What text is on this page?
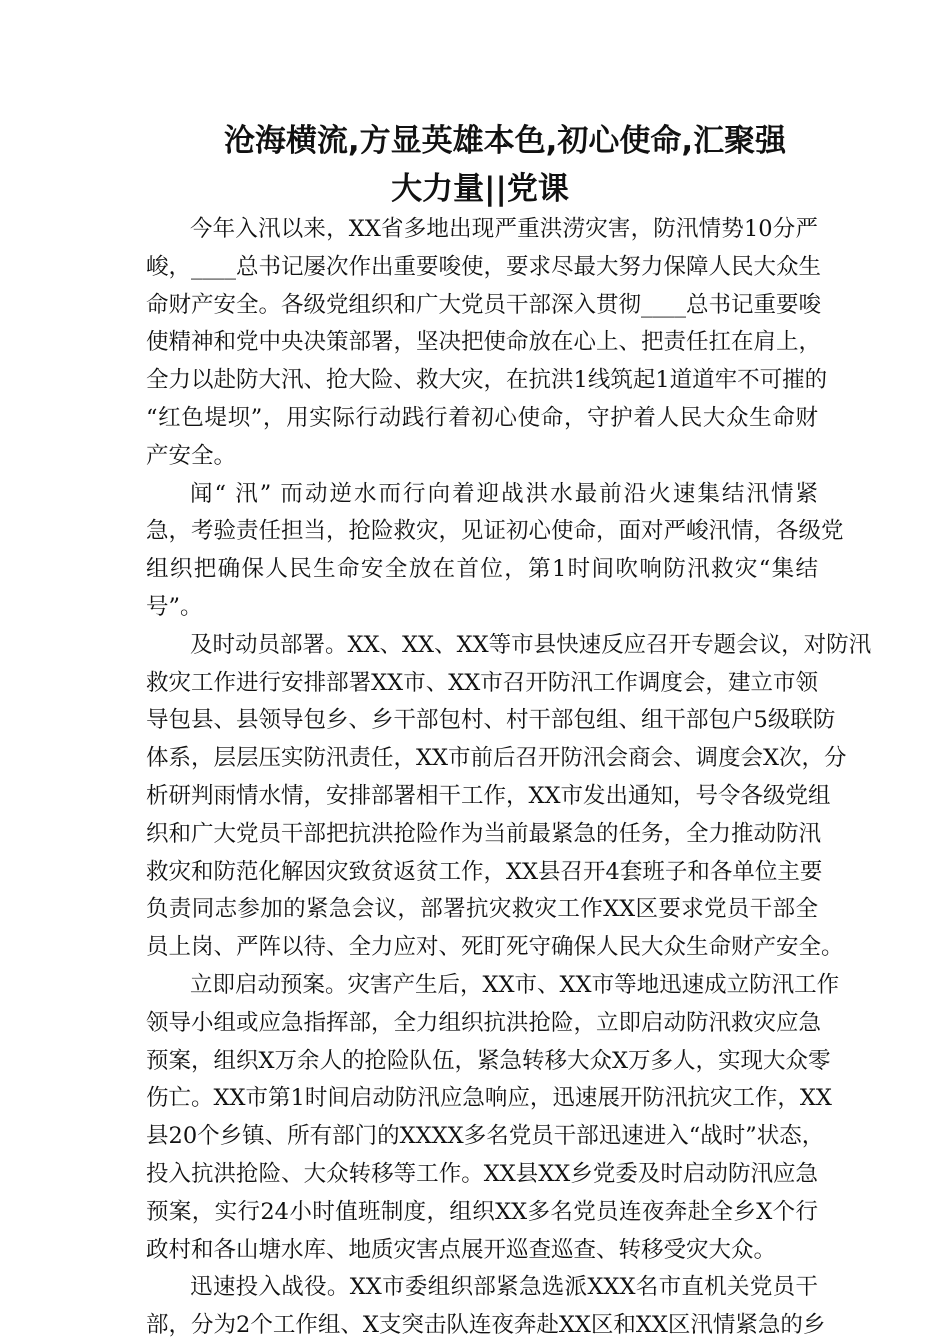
沧海横流,方显英雄本色,初心使命,汇聚强
大力量||党课
今年入汛以来，XX省多地出现严重洪涝灾害，防汛情势10分严
峻，____总书记屡次作出重要唆使，要求尽最大努力保障人民大众生
命财产安全。各级党组织和广大党员干部深入贯彻____总书记重要唆
使精神和党中央决策部署，坚决把使命放在心上、把责任扛在肩上，
全力以赴防大汛、抢大险、救大灾，在抗洪1线筑起1道道牢不可摧的
“红色堤坝”，用实际行动践行着初心使命，守护着人民大众生命财
产安全。
闻“ 汛” 而动逆水而行向着迎战洪水最前沿火速集结汛情紧
急，考验责任担当，抢险救灾，见证初心使命，面对严峻汛情，各级党
组织把确保人民生命安全放在首位，第1时间吹响防汛救灾“集结
号”。
及时动员部署。XX、XX、XX等市县快速反应召开专题会议，对防汛
救灾工作进行安排部署XX市、XX市召开防汛工作调度会，建立市领
导包县、县领导包乡、乡干部包村、村干部包组、组干部包户5级联防
体系，层层压实防汛责任，XX市前后召开防汛会商会、调度会X次，分
析研判雨情水情，安排部署相干工作，XX市发出通知，号令各级党组
织和广大党员干部把抗洪抢险作为当前最紧急的任务，全力推动防汛
救灾和防范化解因灾致贫返贫工作，XX县召开4套班子和各单位主要
负责同志参加的紧急会议，部署抗灾救灾工作XX区要求党员干部全
员上岗、严阵以待、全力应对、死盯死守确保人民大众生命财产安全。
立即启动预案。灾害产生后，XX市、XX市等地迅速成立防汛工作
领导小组或应急指挥部，全力组织抗洪抢险，立即启动防汛救灾应急
预案，组织X万余人的抢险队伍，紧急转移大众X万多人，实现大众零
伤亡。XX市第1时间启动防汛应急响应，迅速展开防汛抗灾工作，XX
县20个乡镇、所有部门的XXXX多名党员干部迅速进入“战时”状态，
投入抗洪抢险、大众转移等工作。XX县XX乡党委及时启动防汛应急
预案，实行24小时值班制度，组织XX多名党员连夜奔赴全乡X个行
政村和各山塘水库、地质灾害点展开巡查巡查、转移受灾大众。
迅速投入战役。XX市委组织部紧急选派XXX名市直机关党员干
部，分为2个工作组、X支突击队连夜奔赴XX区和XX区汛情紧急的乡
